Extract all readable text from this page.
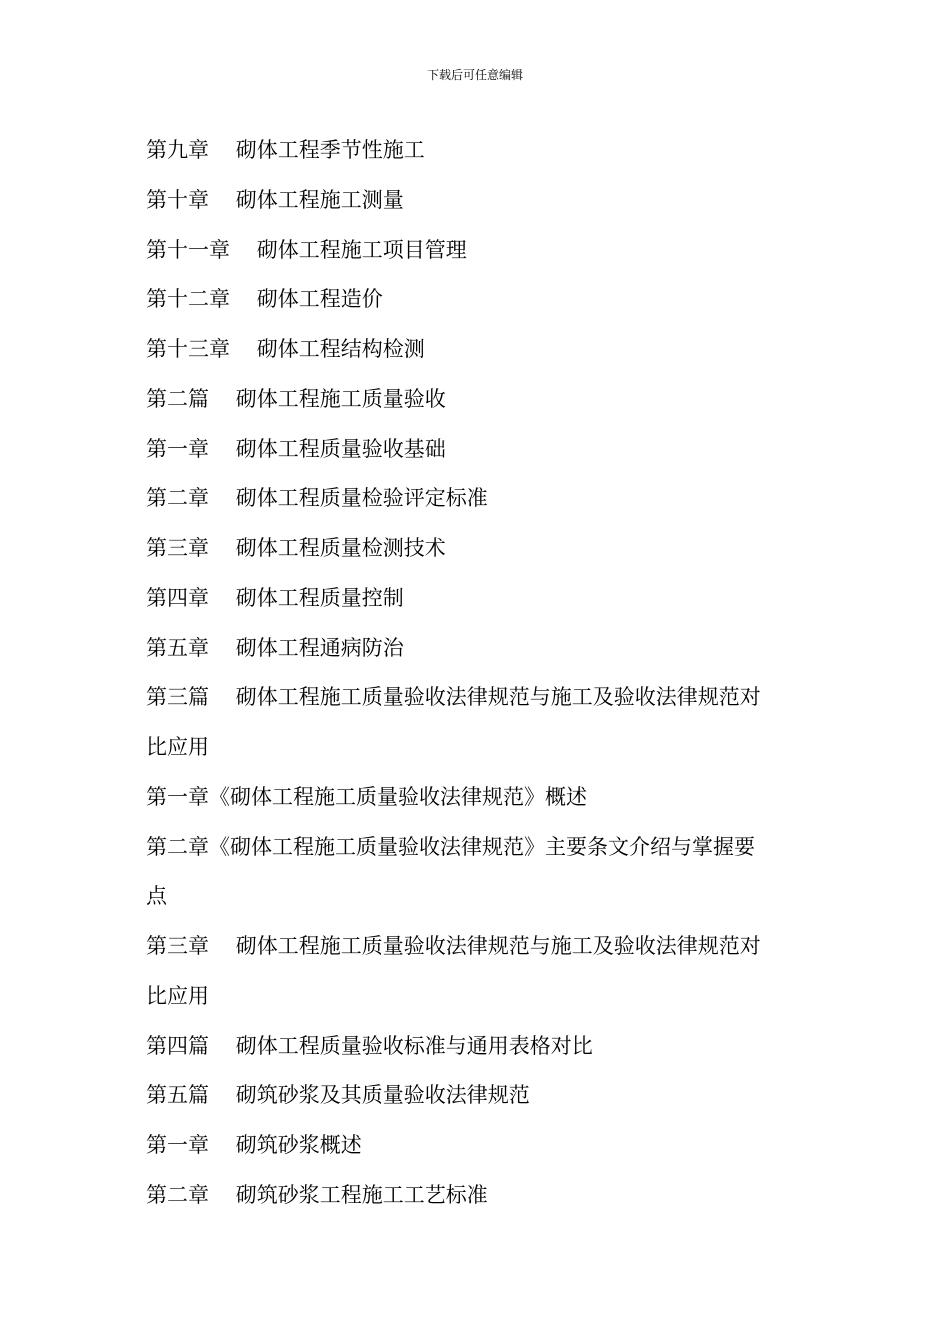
下载后可任意编辑
第九章    砌体工程季节性施工
第十章    砌体工程施工测量
第十一章    砌体工程施工项目管理
第十二章    砌体工程造价
第十三章    砌体工程结构检测
第二篇    砌体工程施工质量验收
第一章    砌体工程质量验收基础
第二章    砌体工程质量检验评定标准
第三章    砌体工程质量检测技术
第四章    砌体工程质量控制
第五章    砌体工程通病防治
第三篇    砌体工程施工质量验收法律规范与施工及验收法律规范对
比应用
第一章《砌体工程施工质量验收法律规范》概述
第二章《砌体工程施工质量验收法律规范》主要条文介绍与掌握要
点
第三章    砌体工程施工质量验收法律规范与施工及验收法律规范对
比应用
第四篇    砌体工程质量验收标准与通用表格对比
第五篇    砌筑砂浆及其质量验收法律规范
第一章    砌筑砂浆概述
第二章    砌筑砂浆工程施工工艺标准
